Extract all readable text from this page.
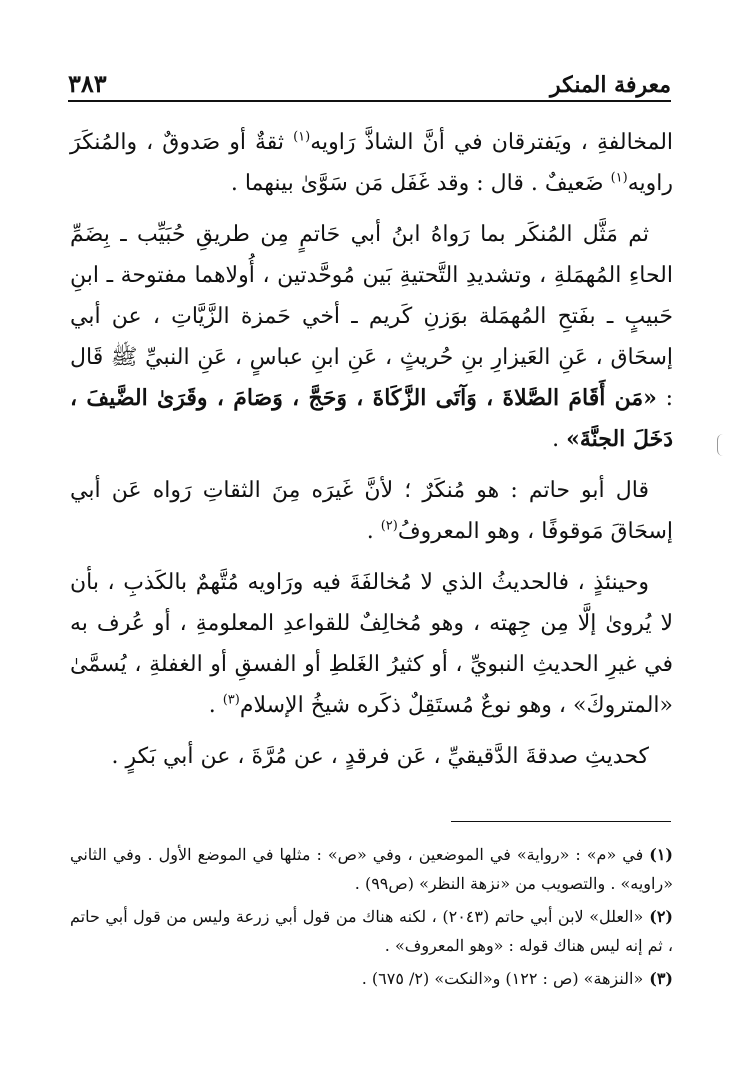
معرفة المنكر
٣٨٣

المخالفةِ ، ويَفترقان في أنَّ الشاذَّ رَاويه$^{(١)}$ ثقةٌ أو صَدوقٌ ، والمُنكَرَ راويه$^{(١)}$ ضَعيفٌ . قال : وقد غَفَل مَن سَوَّىٰ بينهما .

ثم مَثَّل المُنكَر بما رَواهُ ابنُ أبي حَاتمٍ مِن طريقِ حُبَيِّب ـ بِضَمِّ الحاءِ المُهمَلةِ ، وتشديدِ التَّحتيةِ بَين مُوحَّدتين ، أُولاهما مفتوحة ـ ابنِ حَبيبٍ ـ بفَتحِ المُهمَلة بوَزنِ كَريم ـ أخي حَمزة الزَّيَّاتِ ، عن أبي إسحَاق ، عَنِ العَيزارِ بنِ حُريثٍ ، عَنِ ابنِ عباسٍ ، عَنِ النبيِّ ﷺ قَال : «مَن أَقَامَ الصَّلاةَ ، وَآتَى الزَّكَاةَ ، وَحَجَّ ، وَصَامَ ، وقَرَىٰ الضَّيفَ ، دَخَلَ الجنَّةَ» .

قال أبو حاتم : هو مُنكَرٌ ؛ لأنَّ غَيرَه مِنَ الثقاتِ رَواه عَن أبي إسحَاقَ مَوقوفًا ، وهو المعروفُ$^{(٢)}$ .

وحينئذٍ ، فالحديثُ الذي لا مُخالفَةَ فيه ورَاويه مُتَّهمٌ بالكَذبِ ، بأن لا يُروىٰ إلَّا مِن جِهته ، وهو مُخالِفٌ للقواعدِ المعلومةِ ، أو عُرف به في غيرِ الحديثِ النبويِّ ، أو كثيرُ الغَلطِ أو الفسقِ أو الغفلةِ ، يُسمَّىٰ «المتروكَ» ، وهو نوعٌ مُستَقِلٌ ذكَره شيخُ الإسلام$^{(٣)}$ .

كحديثِ صدقةَ الدَّقيقيِّ ، عَن فرقدٍ ، عن مُرَّةَ ، عن أبي بَكرٍ .

(١)في «م» : «رواية» في الموضعين ، وفي «ص» : مثلها في الموضع الأول . وفي الثاني «راويه» . والتصويب من «نزهة النظر» (ص٩٩) .
(٢)«العلل» لابن أبي حاتم (٢٠٤٣) ، لكنه هناك من قول أبي زرعة وليس من قول أبي حاتم ، ثم إنه ليس هناك قوله : «وهو المعروف» .
(٣)«النزهة» (ص : ١٢٢) و«النكت» (٢/ ٦٧٥) .
